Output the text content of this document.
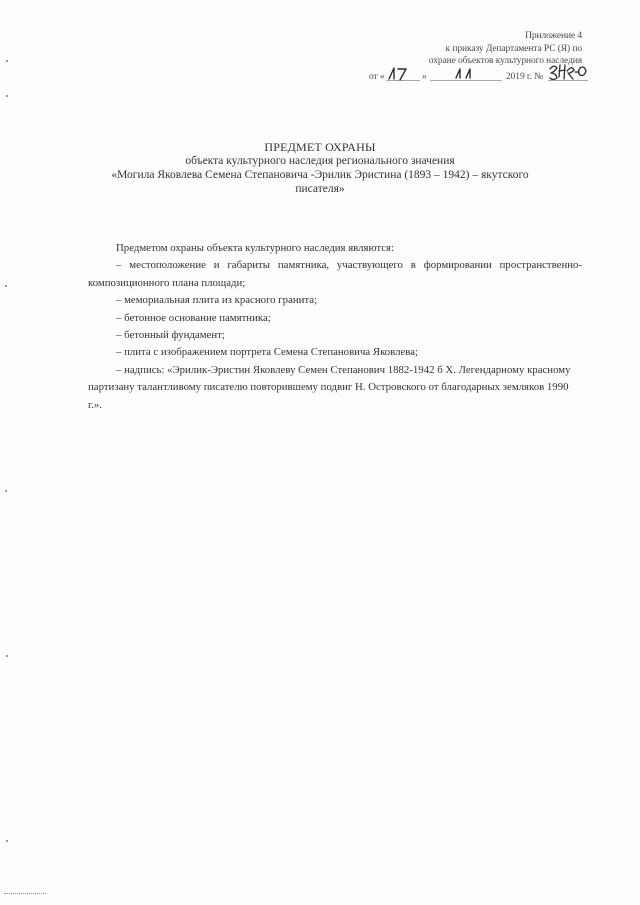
Приложение 4
к приказу Департамента РС (Я) по
охране объектов культурного наследия
от «	»	2019 г. №
ПРЕДМЕТ ОХРАНЫ
объекта культурного наследия регионального значения
«Могила Яковлева Семена Степановича -Эрилик Эристина (1893 – 1942) – якутского
писателя»

Предметом охраны объекта культурного наследия являются:

– местоположение и габариты памятника, участвующего в формировании пространственно-композиционного плана площади;

– мемориальная плита из красного гранита;

– бетонное основание памятника;

– бетонный фундамент;

– плита с изображением портрета Семена Степановича Яковлева;

– надпись: «Эрилик-Эристин Яковлеву Семен Степанович 1882-1942 б Х. Легендарному красному партизану талантливому писателю повторившему подвиг Н. Островского от благодарных земляков 1990 г.».
